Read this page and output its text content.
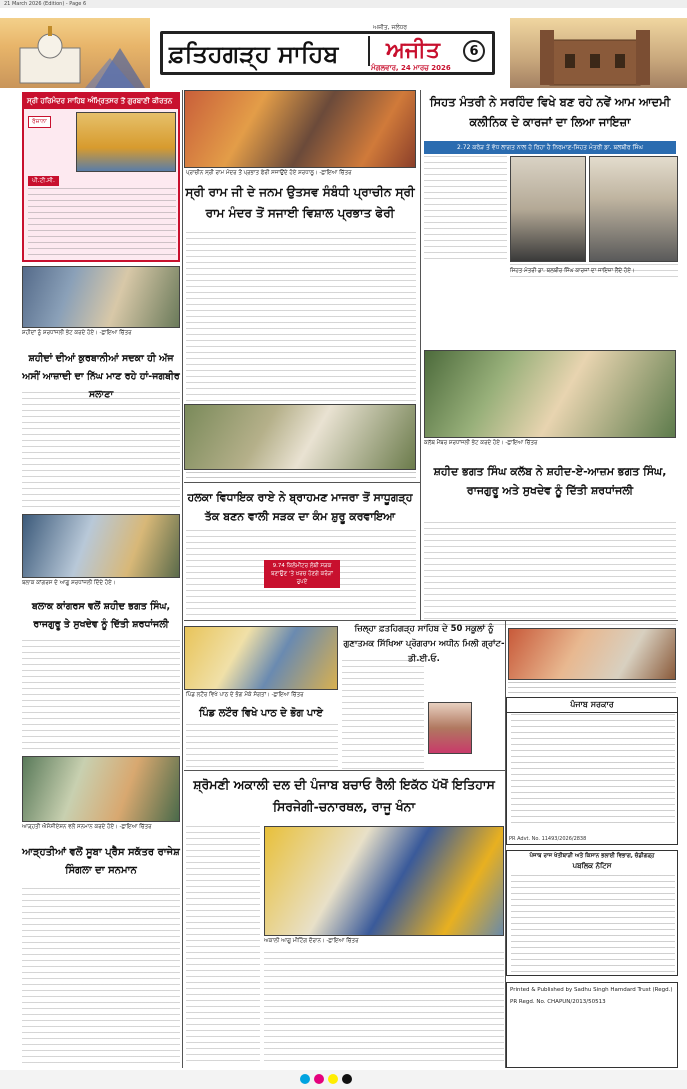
21 March 2026 (Edition) - Page 6
ਫ਼ਤਿਹਗੜ੍ਹ ਸਾਹਿਬ	ਅਜੀਤ
ਅਜੀਤ, ਜਲੰਧਰ
ਮੰਗਲਵਾਰ, 24 ਮਾਰਚ 2026
6
ਸ੍ਰੀ ਹਰਿਮੰਦਰ ਸਾਹਿਬ ਅੰਮ੍ਰਿਤਸਰ ਤੋਂ ਗੁਰਬਾਣੀ ਕੀਰਤਨ
ਰੋਜ਼ਾਨਾ
ਪੀ.ਟੀ.ਸੀ.
ਪ੍ਰਾਚੀਨ ਸ੍ਰੀ ਰਾਮ ਮੰਦਰ ਤੋਂ ਪ੍ਰਭਾਤ ਫੇਰੀ ਸਜਾਉਂਦੇ ਹੋਏ ਸ਼ਰਧਾਲੂ। -ਛਾਇਆ ਚਿੱਤਰ
ਸਿਹਤ ਮੰਤਰੀ ਨੇ ਸਰਹਿੰਦ ਵਿਖੇ ਬਣ ਰਹੇ ਨਵੇਂ ਆਮ ਆਦਮੀ ਕਲੀਨਿਕ ਦੇ ਕਾਰਜਾਂ ਦਾ ਲਿਆ ਜਾਇਜ਼ਾ
2.72 ਕਰੋੜ ਤੋਂ ਵੱਧ ਲਾਗਤ ਨਾਲ ਹੋ ਰਿਹਾ ਹੈ ਨਿਰਮਾਣ-ਸਿਹਤ ਮੰਤਰੀ ਡਾ. ਬਲਬੀਰ ਸਿੰਘ
ਸਿਹਤ ਮੰਤਰੀ ਡਾ. ਬਲਬੀਰ ਸਿੰਘ ਕਾਰਜਾਂ ਦਾ ਜਾਇਜ਼ਾ ਲੈਂਦੇ ਹੋਏ।
ਸ੍ਰੀ ਰਾਮ ਜੀ ਦੇ ਜਨਮ ਉਤਸਵ ਸੰਬੰਧੀ ਪ੍ਰਾਚੀਨ ਸ੍ਰੀ ਰਾਮ ਮੰਦਰ ਤੋਂ ਸਜਾਈ ਵਿਸ਼ਾਲ ਪ੍ਰਭਾਤ ਫੇਰੀ
ਸ਼ਹੀਦਾਂ ਨੂੰ ਸ਼ਰਧਾਂਜਲੀ ਭੇਟ ਕਰਦੇ ਹੋਏ। -ਛਾਇਆ ਚਿੱਤਰ
ਸ਼ਹੀਦਾਂ ਦੀਆਂ ਕੁਰਬਾਨੀਆਂ ਸਦਕਾ ਹੀ ਅੱਜ ਅਸੀਂ ਆਜ਼ਾਦੀ ਦਾ ਨਿੱਘ ਮਾਣ ਰਹੇ ਹਾਂ-ਜਗਬੀਰ ਸਲਾਣਾ
ਕਲੱਬ ਮੈਂਬਰ ਸ਼ਰਧਾਂਜਲੀ ਭੇਟ ਕਰਦੇ ਹੋਏ। -ਛਾਇਆ ਚਿੱਤਰ
ਸ਼ਹੀਦ ਭਗਤ ਸਿੰਘ ਕਲੱਬ ਨੇ ਸ਼ਹੀਦ-ਏ-ਆਜ਼ਮ ਭਗਤ ਸਿੰਘ, ਰਾਜਗੁਰੂ ਅਤੇ ਸੁਖਦੇਵ ਨੂੰ ਦਿੱਤੀ ਸ਼ਰਧਾਂਜਲੀ
ਹਲਕਾ ਵਿਧਾਇਕ ਰਾਏ ਨੇ ਬ੍ਰਾਹਮਣ ਮਾਜਰਾ ਤੋਂ ਸਾਧੂਗੜ੍ਹ ਤੱਕ ਬਣਨ ਵਾਲੀ ਸੜਕ ਦਾ ਕੰਮ ਸ਼ੁਰੂ ਕਰਵਾਇਆ
9.74 ਕਿਲੋਮੀਟਰ ਲੰਬੀ ਸੜਕ ਬਣਾਉਣ 'ਤੇ ਖ਼ਰਚ ਹੋਣਗੇ ਕਰੋੜਾਂ ਰੁਪਏ
ਬਲਾਕ ਕਾਂਗਰਸ ਦੇ ਆਗੂ ਸ਼ਰਧਾਂਜਲੀ ਦਿੰਦੇ ਹੋਏ।
ਬਲਾਕ ਕਾਂਗਰਸ ਵਲੋਂ ਸ਼ਹੀਦ ਭਗਤ ਸਿੰਘ, ਰਾਜਗੁਰੂ ਤੇ ਸੁਖਦੇਵ ਨੂੰ ਦਿੱਤੀ ਸ਼ਰਧਾਂਜਲੀ
ਪਿੰਡ ਲਟੌਰ ਵਿਖੇ ਪਾਠ ਦੇ ਭੋਗ ਮੌਕੇ ਸੰਗਤਾਂ। -ਛਾਇਆ ਚਿੱਤਰ
ਪਿੰਡ ਲਟੌਰ ਵਿਖੇ ਪਾਠ ਦੇ ਭੋਗ ਪਾਏ
ਜ਼ਿਲ੍ਹਾ ਫ਼ਤਹਿਗੜ੍ਹ ਸਾਹਿਬ ਦੇ 50 ਸਕੂਲਾਂ ਨੂੰ ਗੁਣਾਤਮਕ ਸਿੱਖਿਆ ਪ੍ਰੋਗਰਾਮ ਅਧੀਨ ਮਿਲੀ ਗ੍ਰਾਂਟ-ਡੀ.ਈ.ਓ.
ਪੰਜਾਬ ਸਰਕਾਰ
PR Advt. No. 11493/2026/2838
ਆੜ੍ਹਤੀ ਐਸੋਸੀਏਸ਼ਨ ਵਲੋਂ ਸਨਮਾਨ ਕਰਦੇ ਹੋਏ। -ਛਾਇਆ ਚਿੱਤਰ
ਆੜ੍ਹਤੀਆਂ ਵਲੋਂ ਸੂਬਾ ਪ੍ਰੈੱਸ ਸਕੱਤਰ ਰਾਜੇਸ਼ ਸਿੰਗਲਾ ਦਾ ਸਨਮਾਨ
ਸ਼੍ਰੋਮਣੀ ਅਕਾਲੀ ਦਲ ਦੀ ਪੰਜਾਬ ਬਚਾਓ ਰੈਲੀ ਇਕੱਠ ਪੱਖੋਂ ਇਤਿਹਾਸ ਸਿਰਜੇਗੀ-ਚਨਾਰਥਲ, ਰਾਜੂ ਖੰਨਾ
ਅਕਾਲੀ ਆਗੂ ਮੀਟਿੰਗ ਦੌਰਾਨ। -ਛਾਇਆ ਚਿੱਤਰ
ਪੰਜਾਬ ਰਾਜ ਖੇਤੀਬਾੜੀ ਅਤੇ ਕਿਸਾਨ ਭਲਾਈ ਵਿਭਾਗ, ਚੰਡੀਗੜ੍ਹ
ਪਬਲਿਕ ਨੋਟਿਸ
Printed & Published by Sadhu Singh Hamdard Trust (Regd.)
PR Regd. No. CHAPUN/2013/50513
